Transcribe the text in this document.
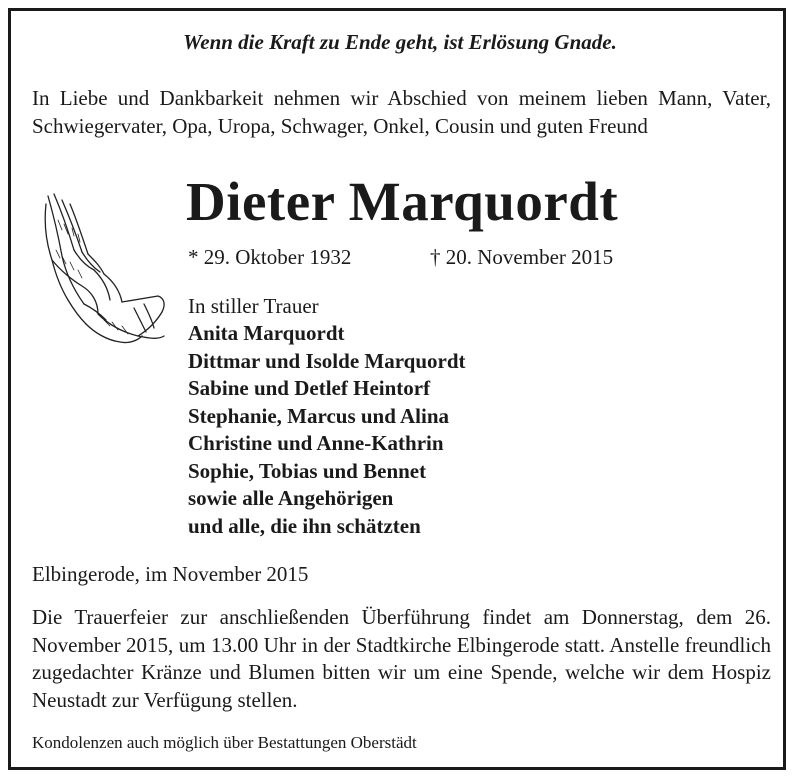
Wenn die Kraft zu Ende geht, ist Erlösung Gnade.
In Liebe und Dankbarkeit nehmen wir Abschied von meinem lieben Mann, Vater, Schwiegervater, Opa, Uropa, Schwager, Onkel, Cousin und guten Freund
Dieter Marquordt
* 29. Oktober 1932	† 20. November 2015
In stiller Trauer
Anita Marquordt
Dittmar und Isolde Marquordt
Sabine und Detlef Heintorf
Stephanie, Marcus und Alina
Christine und Anne-Kathrin
Sophie, Tobias und Bennet
sowie alle Angehörigen
und alle, die ihn schätzten
Elbingerode, im November 2015
Die Trauerfeier zur anschließenden Überführung findet am Donnerstag, dem 26. November 2015, um 13.00 Uhr in der Stadtkirche Elbingerode statt. Anstelle freundlich zugedachter Kränze und Blumen bitten wir um eine Spende, welche wir dem Hospiz Neustadt zur Verfügung stellen.
Kondolenzen auch möglich über Bestattungen Oberstädt
